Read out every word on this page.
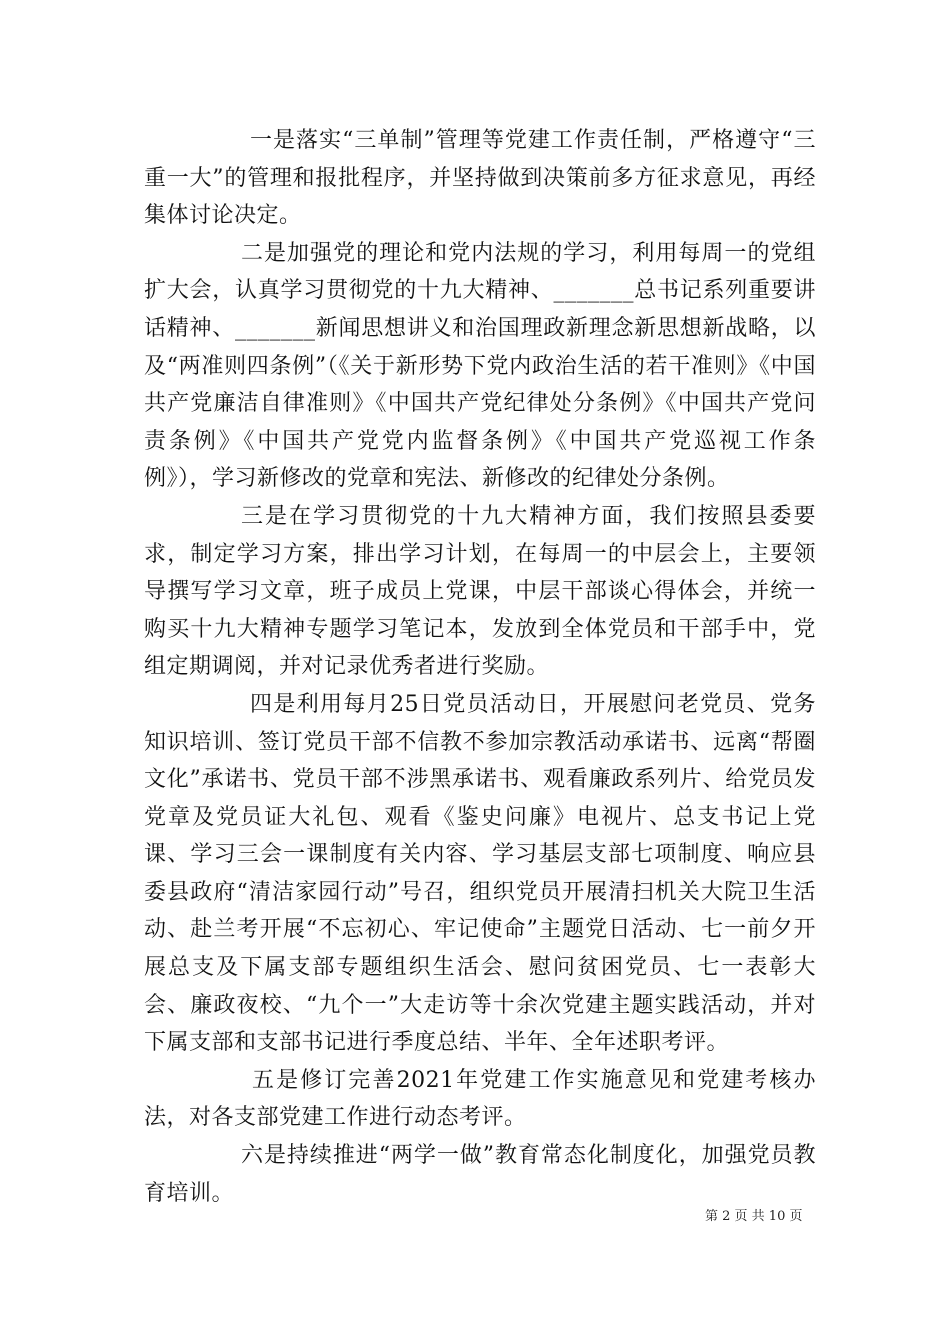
一是落实“三单制”管理等党建工作责任制，严格遵守“三重一大”的管理和报批程序，并坚持做到决策前多方征求意见，再经集体讨论决定。

二是加强党的理论和党内法规的学习，利用每周一的党组扩大会，认真学习贯彻党的十九大精神、_______总书记系列重要讲话精神、_______新闻思想讲义和治国理政新理念新思想新战略，以及“两准则四条例”（《关于新形势下党内政治生活的若干准则》《中国共产党廉洁自律准则》《中国共产党纪律处分条例》《中国共产党问责条例》《中国共产党党内监督条例》《中国共产党巡视工作条例》），学习新修改的党章和宪法、新修改的纪律处分条例。

三是在学习贯彻党的十九大精神方面，我们按照县委要求，制定学习方案，排出学习计划，在每周一的中层会上，主要领导撰写学习文章，班子成员上党课，中层干部谈心得体会，并统一购买十九大精神专题学习笔记本，发放到全体党员和干部手中，党组定期调阅，并对记录优秀者进行奖励。

四是利用每月25日党员活动日，开展慰问老党员、党务知识培训、签订党员干部不信教不参加宗教活动承诺书、远离“帮圈文化”承诺书、党员干部不涉黑承诺书、观看廉政系列片、给党员发党章及党员证大礼包、观看《鉴史问廉》电视片、总支书记上党课、学习三会一课制度有关内容、学习基层支部七项制度、响应县委县政府“清洁家园行动”号召，组织党员开展清扫机关大院卫生活动、赴兰考开展“不忘初心、牢记使命”主题党日活动、七一前夕开展总支及下属支部专题组织生活会、慰问贫困党员、七一表彰大会、廉政夜校、“九个一”大走访等十余次党建主题实践活动，并对下属支部和支部书记进行季度总结、半年、全年述职考评。

五是修订完善2021年党建工作实施意见和党建考核办法，对各支部党建工作进行动态考评。

六是持续推进“两学一做”教育常态化制度化，加强党员教育培训。

第 2 页 共 10 页
